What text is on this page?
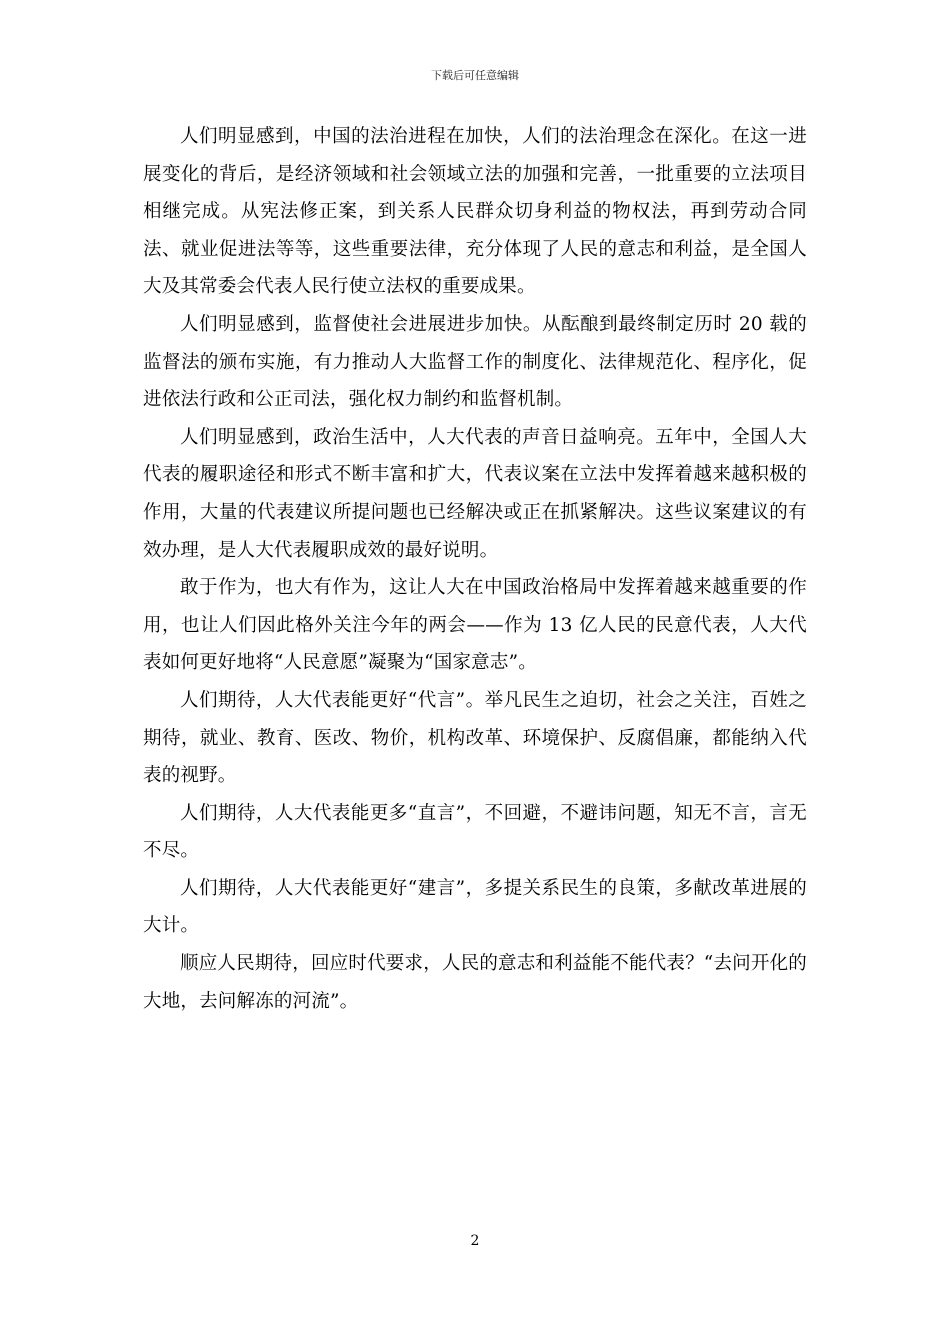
下载后可任意编辑

人们明显感到，中国的法治进程在加快，人们的法治理念在深化。在这一进展变化的背后，是经济领域和社会领域立法的加强和完善，一批重要的立法项目相继完成。从宪法修正案，到关系人民群众切身利益的物权法，再到劳动合同法、就业促进法等等，这些重要法律，充分体现了人民的意志和利益，是全国人大及其常委会代表人民行使立法权的重要成果。

人们明显感到，监督使社会进展进步加快。从酝酿到最终制定历时 20 载的监督法的颁布实施，有力推动人大监督工作的制度化、法律规范化、程序化，促进依法行政和公正司法，强化权力制约和监督机制。

人们明显感到，政治生活中，人大代表的声音日益响亮。五年中，全国人大代表的履职途径和形式不断丰富和扩大，代表议案在立法中发挥着越来越积极的作用，大量的代表建议所提问题也已经解决或正在抓紧解决。这些议案建议的有效办理，是人大代表履职成效的最好说明。

敢于作为，也大有作为，这让人大在中国政治格局中发挥着越来越重要的作用，也让人们因此格外关注今年的两会——作为 13 亿人民的民意代表，人大代表如何更好地将“人民意愿”凝聚为“国家意志”。

人们期待，人大代表能更好“代言”。举凡民生之迫切，社会之关注，百姓之期待，就业、教育、医改、物价，机构改革、环境保护、反腐倡廉，都能纳入代表的视野。

人们期待，人大代表能更多“直言”，不回避，不避讳问题，知无不言，言无不尽。

人们期待，人大代表能更好“建言”，多提关系民生的良策，多献改革进展的大计。

顺应人民期待，回应时代要求，人民的意志和利益能不能代表？“去问开化的大地，去问解冻的河流”。

2
